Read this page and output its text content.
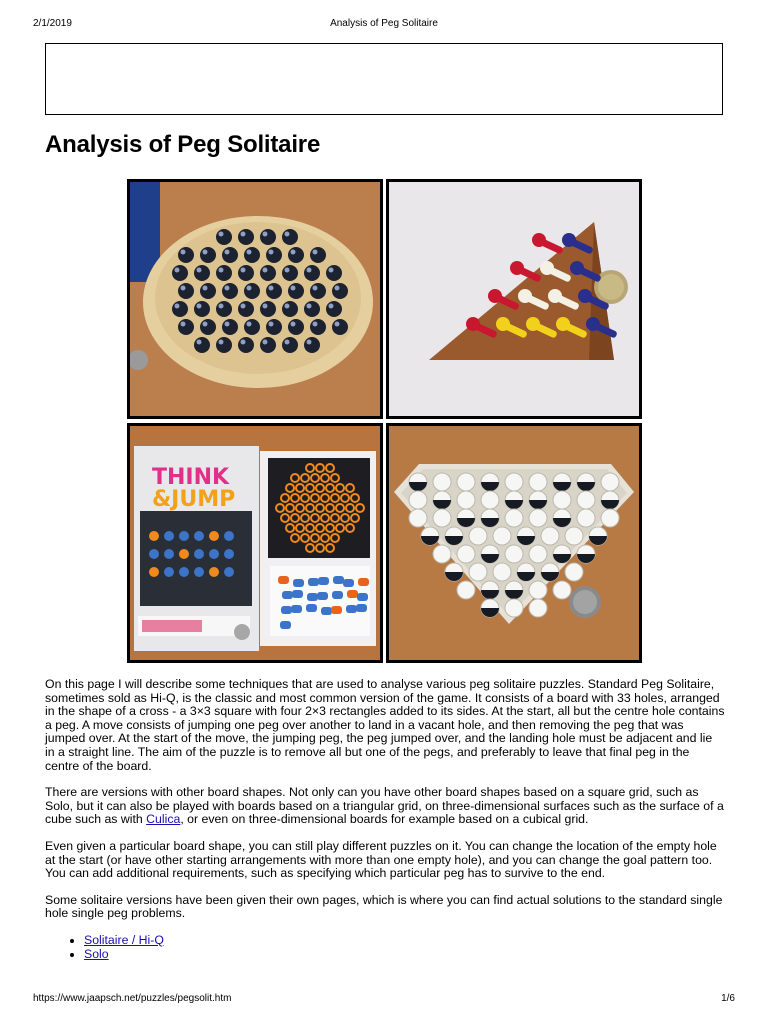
2/1/2019	Analysis of Peg Solitaire
Analysis of Peg Solitaire
THINK
&JUMP

On this page I will describe some techniques that are used to analyse various peg solitaire puzzles. Standard Peg Solitaire, sometimes sold as Hi-Q, is the classic and most common version of the game. It consists of a board with 33 holes, arranged in the shape of a cross - a 3×3 square with four 2×3 rectangles added to its sides. At the start, all but the centre hole contains a peg. A move consists of jumping one peg over another to land in a vacant hole, and then removing the peg that was jumped over. At the start of the move, the jumping peg, the peg jumped over, and the landing hole must be adjacent and lie in a straight line. The aim of the puzzle is to remove all but one of the pegs, and preferably to leave that final peg in the centre of the board.

There are versions with other board shapes. Not only can you have other board shapes based on a square grid, such as Solo, but it can also be played with boards based on a triangular grid, on three-dimensional surfaces such as the surface of a cube such as with Culica, or even on three-dimensional boards for example based on a cubical grid.

Even given a particular board shape, you can still play different puzzles on it. You can change the location of the empty hole at the start (or have other starting arrangements with more than one empty hole), and you can change the goal pattern too. You can add additional requirements, such as specifying which particular peg has to survive to the end.

Some solitaire versions have been given their own pages, which is where you can find actual solutions to the standard single hole single peg problems.

• Solitaire / Hi-Q
• Solo
https://www.jaapsch.net/puzzles/pegsolit.htm	1/6
